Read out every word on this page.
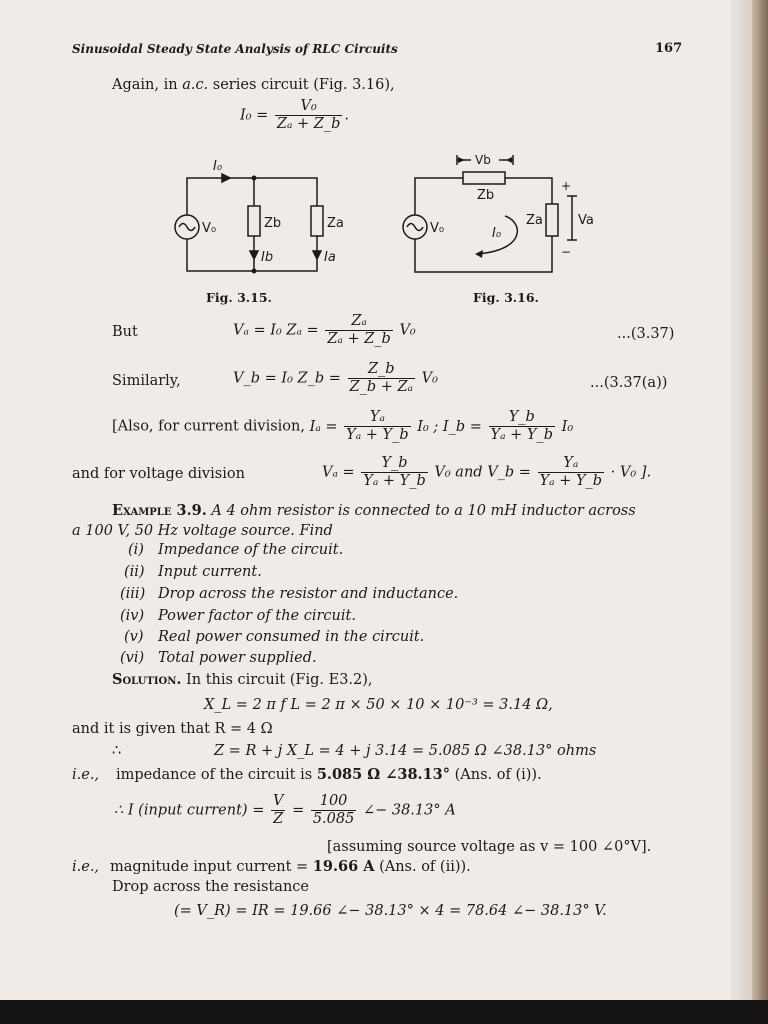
Sinusoidal Steady State Analysis of RLC Circuits	167
Again, in a.c. series circuit (Fig. 3.16),
$I_0 = \frac{\text{V₀}}{\text{Zₐ + Z\_b}}$ .
I₀
V₀	Zb	Za
Ib	Ia
Fig. 3.15.
Vb
Zb
V₀	I₀
Za
+
Va
−
Fig. 3.16.
But	Vₐ = I₀ $Z_a = \frac{\text{Zₐ}}{\text{Zₐ + Z\_b}} V_0$	...(3.37)
Similarly,	V_b = I₀ Z_b = $\frac{Z\_b}{\text{Z\_b + Zₐ}} V_0$	...(3.37(a))
[Also, for current division, $I_a = \frac{\text{Yₐ}}{\text{Yₐ + Y\_b}} I_0$ ; I_b = $\frac{Y\_b}{\text{Yₐ + Y\_b}} I_0$
and for voltage division	$V_a = \frac{Y\_b}{\text{Yₐ + Y\_b}} V_0$ and V_b = $\frac{\text{Yₐ}}{\text{Yₐ + Y\_b}} \cdot V_0$ ].
Example 3.9. A 4 ohm resistor is connected to a 10 mH inductor across
a 100 V, 50 Hz voltage source. Find
(i) Impedance of the circuit.
(ii) Input current.
(iii) Drop across the resistor and inductance.
(iv) Power factor of the circuit.
(v) Real power consumed in the circuit.
(vi) Total power supplied.
Solution. In this circuit (Fig. E3.2),
X_L = 2 π f L = 2 π × 50 × 10 × 10⁻³ = 3.14 Ω,
and it is given that R = 4 Ω
∴	Z = R + j X_L = 4 + j 3.14 = 5.085 Ω ∠38.13° ohms
i.e., impedance of the circuit is 5.085 Ω ∠38.13° (Ans. of (i)).
∴ I (input current) = $\frac{V}{Z} = \frac{100}{5.085}$ ∠− 38.13° A
[assuming source voltage as v = 100 ∠0°V].
i.e., magnitude input current = 19.66 A (Ans. of (ii)).
Drop across the resistance
(= V_R) = IR = 19.66 ∠− 38.13° × 4 = 78.64 ∠− 38.13° V.
